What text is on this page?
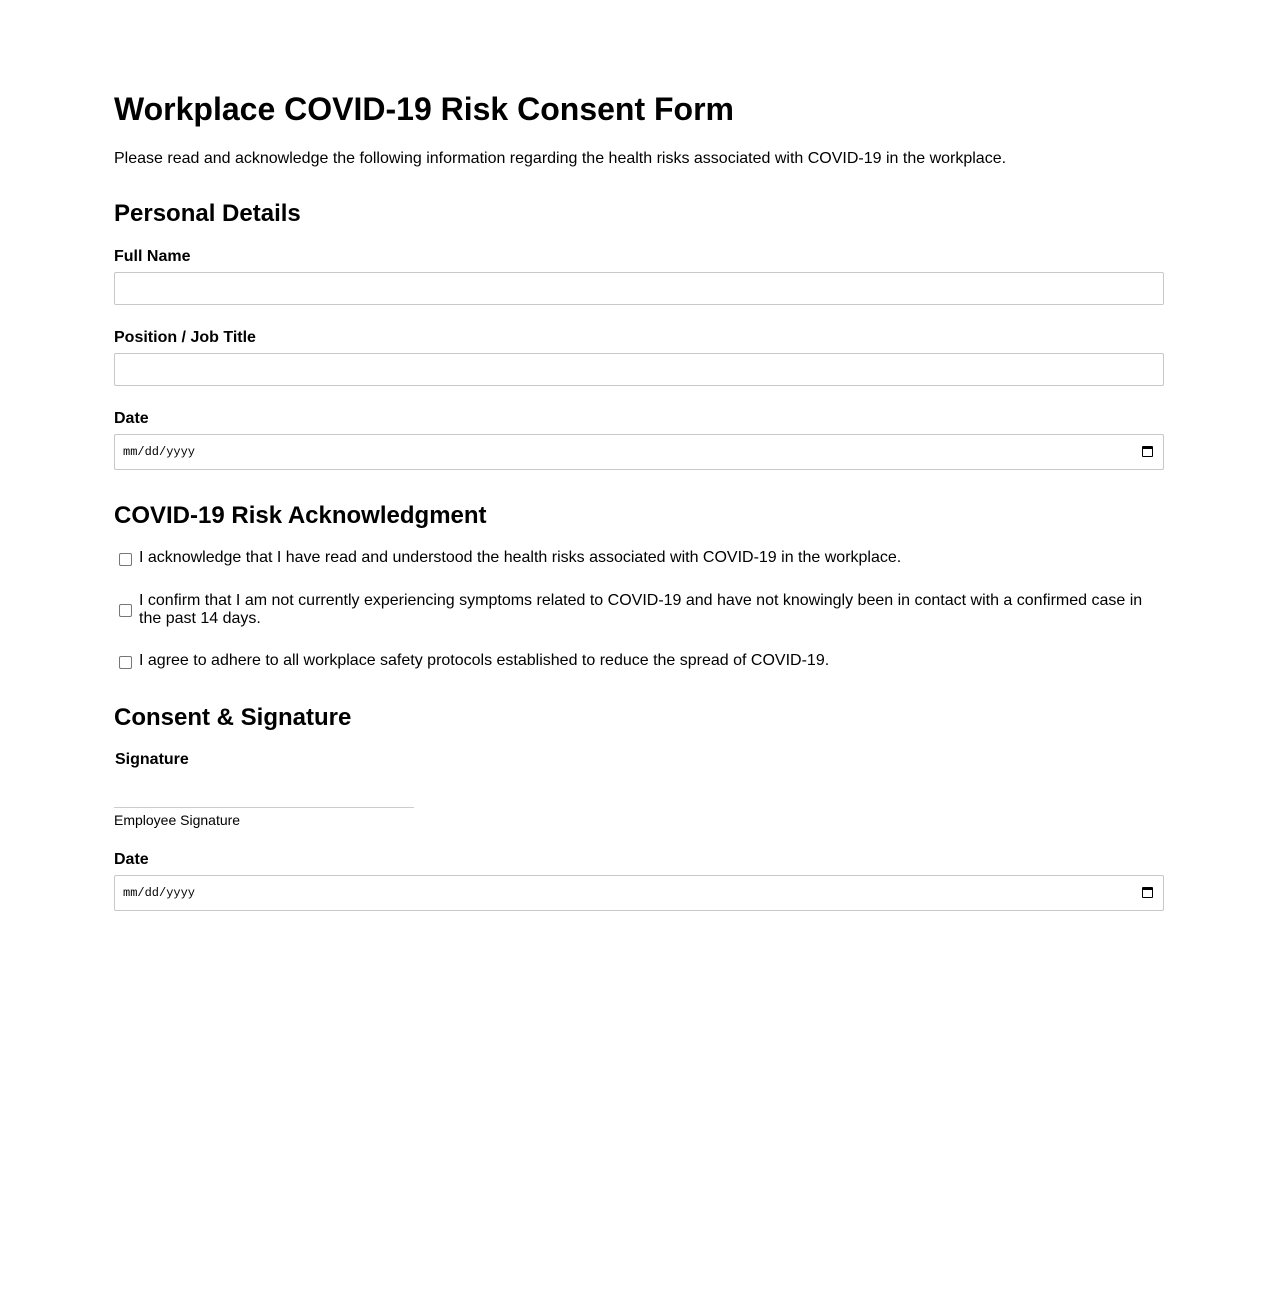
Workplace COVID-19 Risk Consent Form

Please read and acknowledge the following information regarding the health risks associated with COVID-19 in the workplace.

Personal Details
Full Name
Position / Job Title
Date
mm/dd/yyyy
COVID-19 Risk Acknowledgment

I acknowledge that I have read and understood the health risks associated with COVID-19 in the workplace.

I confirm that I am not currently experiencing symptoms related to COVID-19 and have not knowingly been in contact with a confirmed case in the past 14 days.

I agree to adhere to all workplace safety protocols established to reduce the spread of COVID-19.

Consent & Signature
Signature
Employee Signature
Date
mm/dd/yyyy
